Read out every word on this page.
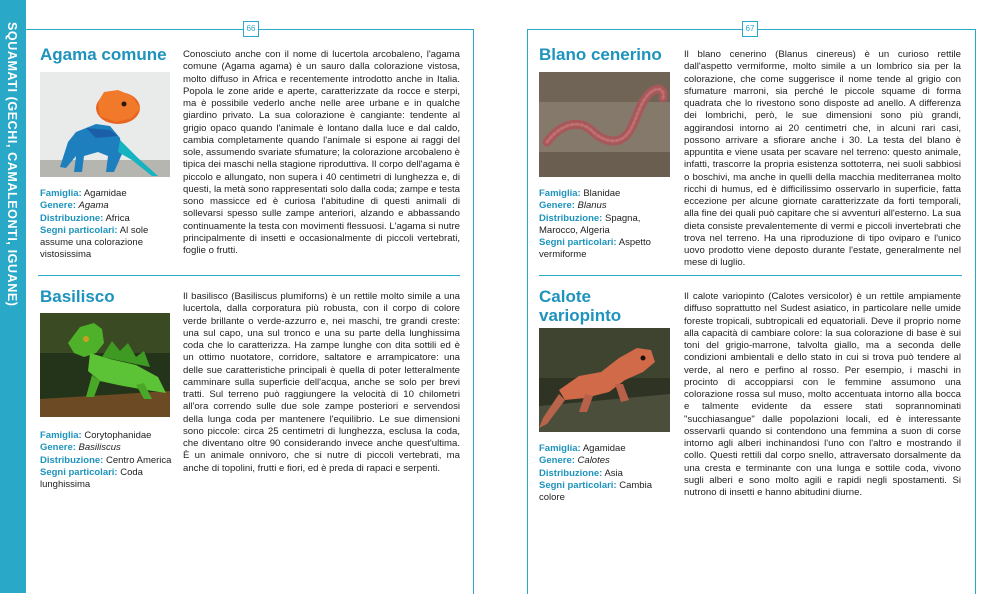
SQUAMATI (GECHI, CAMALEONTI, IGUANE)	66	67
Agama comune
Famiglia: Agamidae
Genere: Agama
Distribuzione: Africa
Segni particolari: Al sole assume una colorazione vistosissima

Conosciuto anche con il nome di lucertola arcobaleno, l'agama comune (Agama agama) è un sauro dalla colorazione vistosa, molto diffuso in Africa e recentemente introdotto anche in Italia. Popola le zone aride e aperte, caratterizzate da rocce e sterpi, ma è possibile vederlo anche nelle aree urbane e in qualche giardino privato. La sua colorazione è cangiante: tendente al grigio opaco quando l'animale è lontano dalla luce e dal caldo, cambia completamente quando l'animale si espone ai raggi del sole, assumendo svariate sfumature; la colorazione arcobaleno è tipica dei maschi nella stagione riproduttiva. Il corpo dell'agama è piccolo e allungato, non supera i 40 centimetri di lunghezza e, di questi, la metà sono rappresentati solo dalla coda; zampe e testa sono massicce ed è curiosa l'abitudine di questi animali di sollevarsi spesso sulle zampe anteriori, alzando e abbassando continuamente la testa con movimenti flessuosi. L'agama si nutre principalmente di insetti e occasionalmente di piccoli vertebrati, foglie o frutti.

Basilisco
Famiglia: Corytophanidae
Genere: Basiliscus
Distribuzione: Centro America
Segni particolari: Coda lunghissima

Il basilisco (Basiliscus plumiforns) è un rettile molto simile a una lucertola, dalla corporatura più robusta, con il corpo di colore verde brillante o verde-azzurro e, nei maschi, tre grandi creste: una sul capo, una sul tronco e una su parte della lunghissima coda che lo caratterizza. Ha zampe lunghe con dita sottili ed è un ottimo nuotatore, corridore, saltatore e arrampicatore: una delle sue caratteristiche principali è quella di poter letteralmente camminare sulla superficie dell'acqua, anche se solo per brevi tratti. Sul terreno può raggiungere la velocità di 10 chilometri all'ora correndo sulle due sole zampe posteriori e servendosi della lunga coda per mantenere l'equilibrio. Le sue dimensioni sono piccole: circa 25 centimetri di lunghezza, esclusa la coda, che diventano oltre 90 considerando invece anche quest'ultima. È un animale onnivoro, che si nutre di piccoli vertebrati, ma anche di topolini, frutti e fiori, ed è preda di rapaci e serpenti.

Blano cenerino
Famiglia: Blanidae
Genere: Blanus
Distribuzione: Spagna, Marocco, Algeria
Segni particolari: Aspetto vermiforme

Il blano cenerino (Blanus cinereus) è un curioso rettile dall'aspetto vermiforme, molto simile a un lombrico sia per la colorazione, che come suggerisce il nome tende al grigio con sfumature marroni, sia perché le piccole squame di forma quadrata che lo rivestono sono disposte ad anello. A differenza dei lombrichi, però, le sue dimensioni sono più grandi, aggirandosi intorno ai 20 centimetri che, in alcuni rari casi, possono arrivare a sfiorare anche i 30. La testa del blano è appuntita e viene usata per scavare nel terreno: questo animale, infatti, trascorre la propria esistenza sottoterra, nei suoli sabbiosi o boschivi, ma anche in quelli della macchia mediterranea molto ricchi di humus, ed è difficilissimo osservarlo in superficie, fatta eccezione per alcune giornate caratterizzate da forti temporali, alla fine dei quali può capitare che si avventuri all'esterno. La sua dieta consiste prevalentemente di vermi e piccoli invertebrati che trova nel terreno. Ha una riproduzione di tipo oviparo e l'unico uovo prodotto viene deposto durante l'estate, generalmente nel mese di luglio.

Calote variopinto
Famiglia: Agamidae
Genere: Calotes
Distribuzione: Asia
Segni particolari: Cambia colore

Il calote variopinto (Calotes versicolor) è un rettile ampiamente diffuso soprattutto nel Sudest asiatico, in particolare nelle umide foreste tropicali, subtropicali ed equatoriali. Deve il proprio nome alla capacità di cambiare colore: la sua colorazione di base è sui toni del grigio-marrone, talvolta giallo, ma a seconda delle condizioni ambientali e dello stato in cui si trova può tendere al verde, al nero e perfino al rosso. Per esempio, i maschi in procinto di accoppiarsi con le femmine assumono una colorazione rossa sul muso, molto accentuata intorno alla bocca e talmente evidente da essere stati soprannominati "succhiasangue" dalle popolazioni locali, ed è interessante osservarli quando si contendono una femmina a suon di corse intorno agli alberi inchinandosi l'uno con l'altro e mostrando il collo. Questi rettili dal corpo snello, attraversato dorsalmente da una cresta e terminante con una lunga e sottile coda, vivono sugli alberi e sono molto agili e rapidi negli spostamenti. Si nutrono di insetti e hanno abitudini diurne.
